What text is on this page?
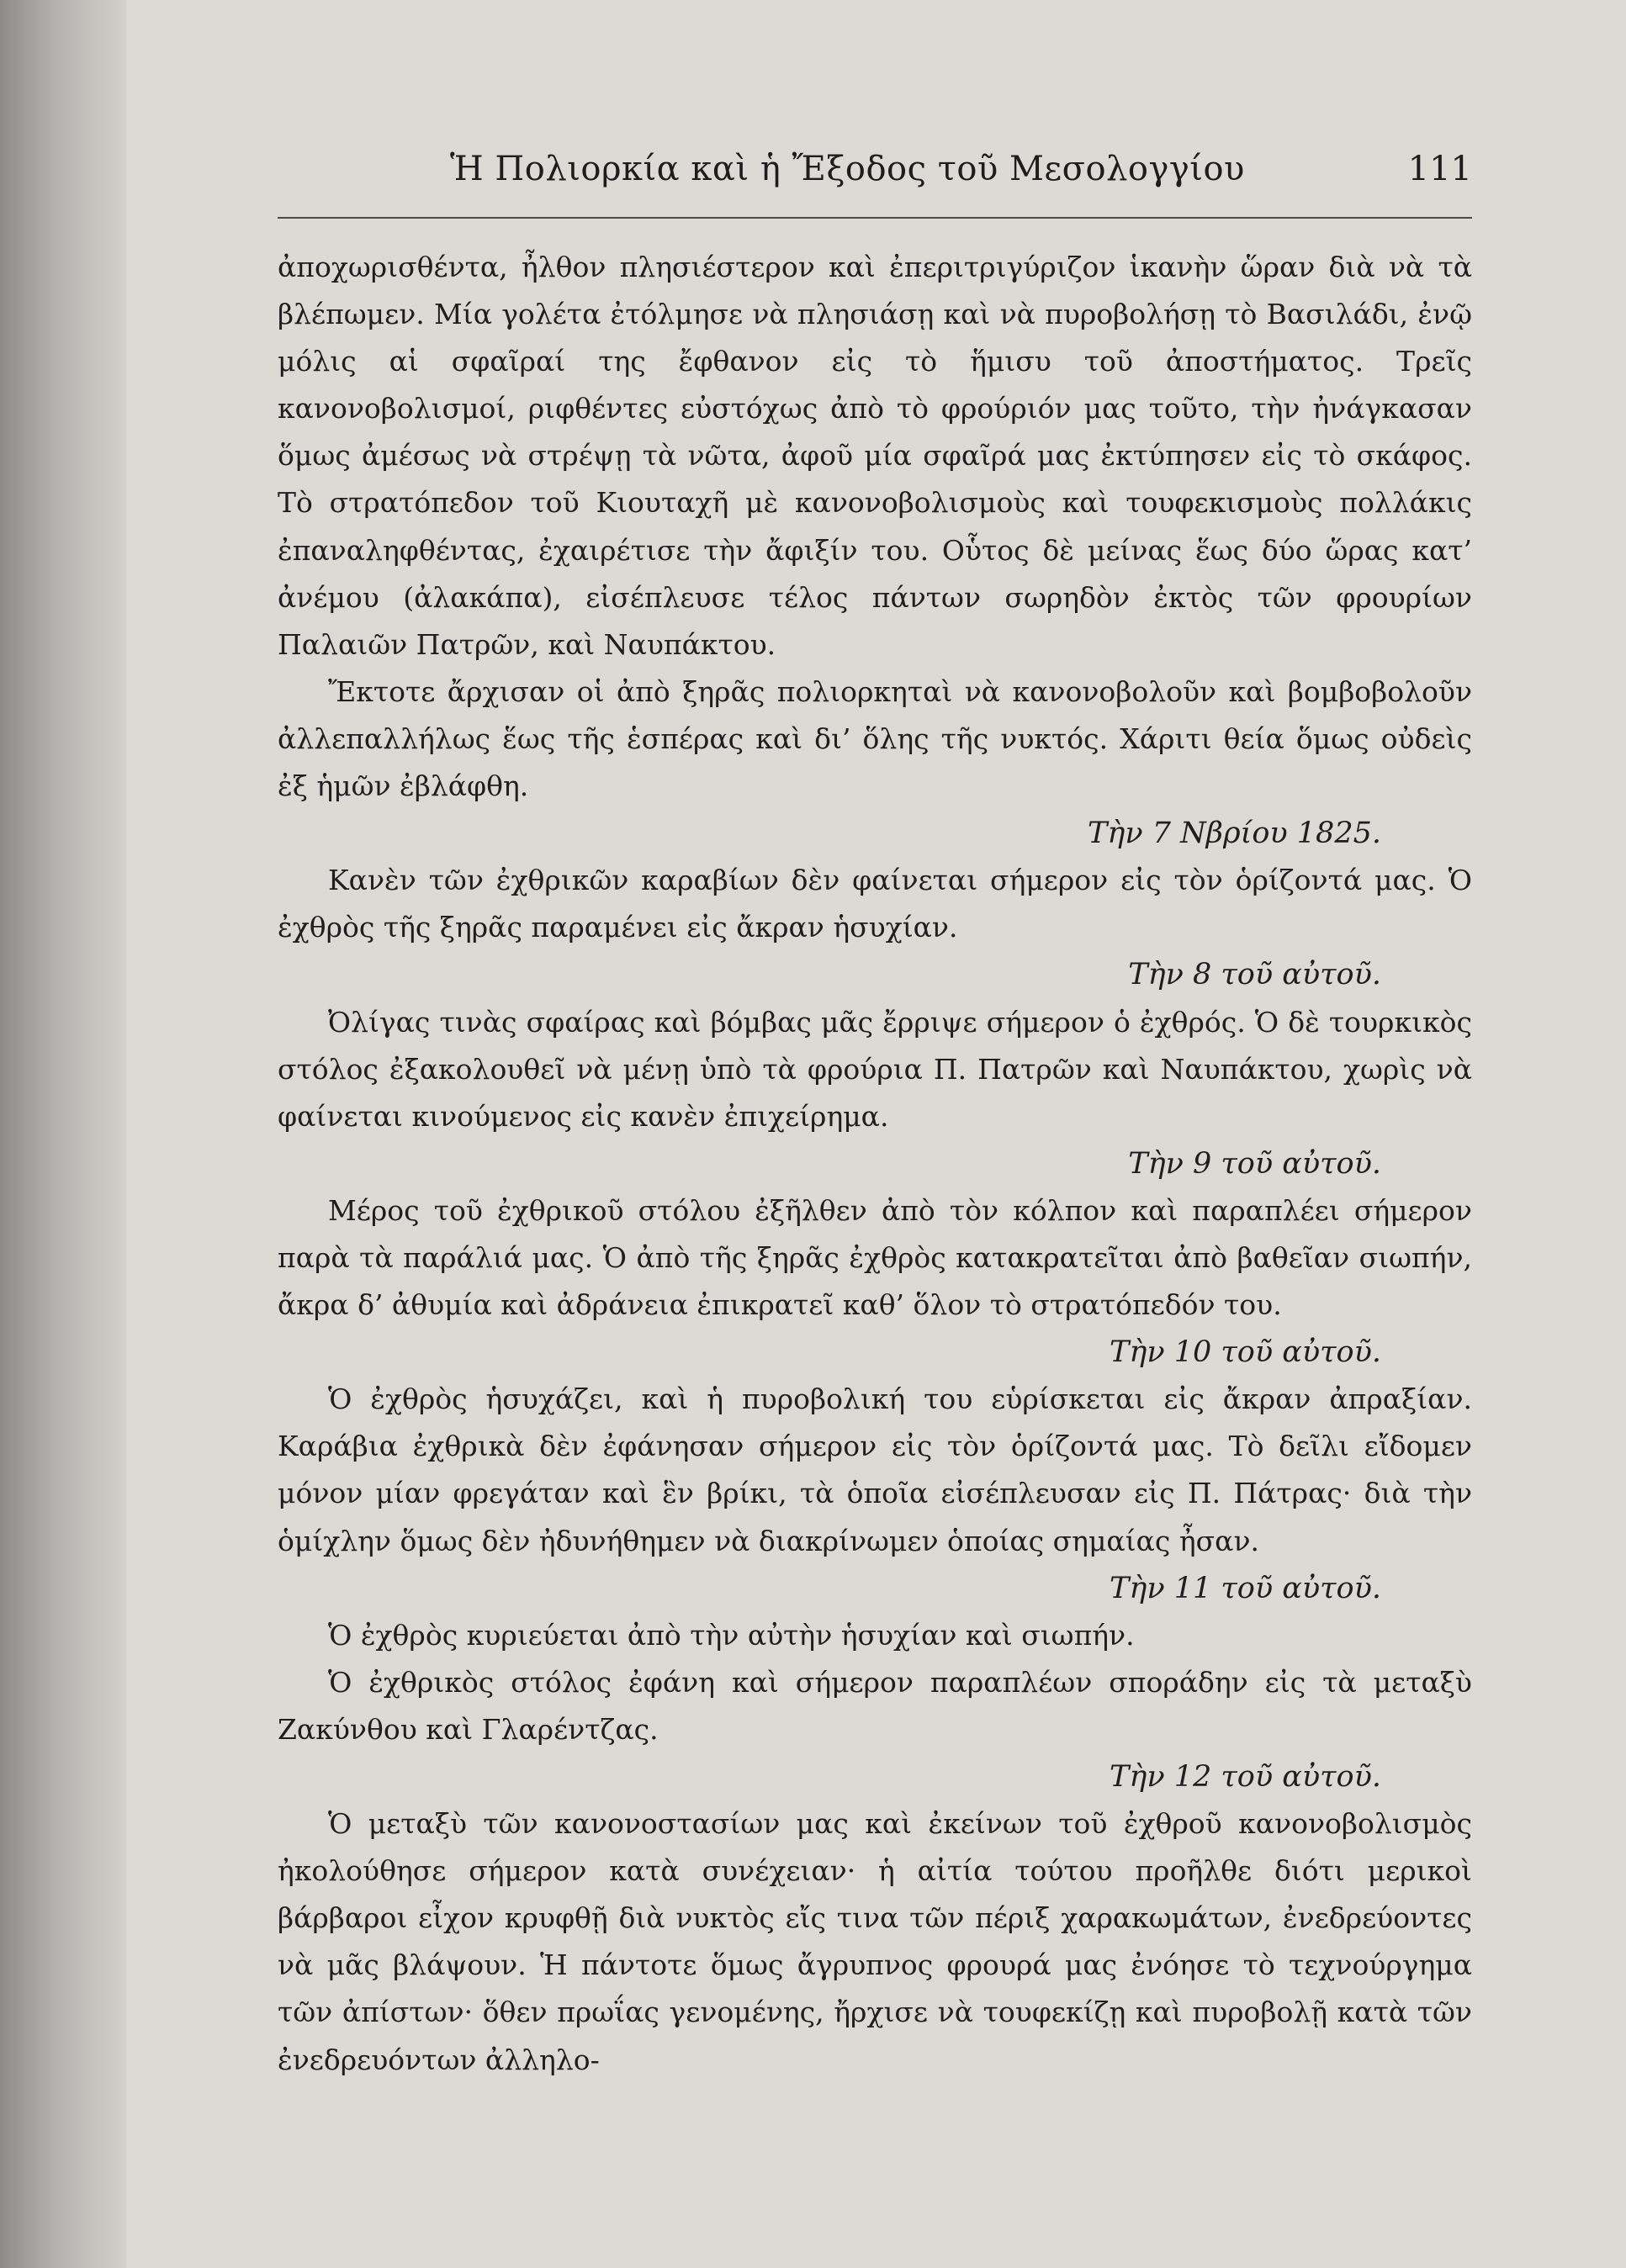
Ἡ Πολιορκία καὶ ἡ Ἔξοδος τοῦ Μεσολογγίου	111

ἀποχωρισθέντα, ἦλθον πλησιέστερον καὶ ἐπεριτριγύριζον ἱκανὴν ὥραν διὰ νὰ τὰ βλέπωμεν. Μία γολέτα ἐτόλμησε νὰ πλησιάσῃ καὶ νὰ πυροβολήσῃ τὸ Βασιλάδι, ἐνῷ μόλις αἱ σφαῖραί της ἔφθανον εἰς τὸ ἥμισυ τοῦ ἀποστήματος. Τρεῖς κανονοβολισμοί, ριφθέντες εὐστόχως ἀπὸ τὸ φρούριόν μας τοῦτο, τὴν ἠνάγκασαν ὅμως ἀμέσως νὰ στρέψῃ τὰ νῶτα, ἀφοῦ μία σφαῖρά μας ἐκτύπησεν εἰς τὸ σκάφος. Τὸ στρατόπεδον τοῦ Κιουταχῆ μὲ κανονοβολισμοὺς καὶ τουφεκισμοὺς πολλάκις ἐπαναληφθέντας, ἐχαιρέτισε τὴν ἄφιξίν του. Οὗτος δὲ μείνας ἕως δύο ὥρας κατ’ ἀνέμου (ἀλακάπα), εἰσέπλευσε τέλος πάντων σωρηδὸν ἐκτὸς τῶν φρουρίων Παλαιῶν Πατρῶν, καὶ Ναυπάκτου.

Ἔκτοτε ἄρχισαν οἱ ἀπὸ ξηρᾶς πολιορκηταὶ νὰ κανονοβολοῦν καὶ βομβοβολοῦν ἀλλεπαλλήλως ἕως τῆς ἑσπέρας καὶ δι’ ὅλης τῆς νυκτός. Χάριτι θεία ὅμως οὐδεὶς ἐξ ἡμῶν ἐβλάφθη.

Τὴν 7 Νβρίου 1825.

Κανὲν τῶν ἐχθρικῶν καραβίων δὲν φαίνεται σήμερον εἰς τὸν ὁρίζοντά μας. Ὁ ἐχθρὸς τῆς ξηρᾶς παραμένει εἰς ἄκραν ἡσυχίαν.

Τὴν 8 τοῦ αὐτοῦ.

Ὀλίγας τινὰς σφαίρας καὶ βόμβας μᾶς ἔρριψε σήμερον ὁ ἐχθρός. Ὁ δὲ τουρκικὸς στόλος ἐξακολουθεῖ νὰ μένῃ ὑπὸ τὰ φρούρια Π. Πατρῶν καὶ Ναυπάκτου, χωρὶς νὰ φαίνεται κινούμενος εἰς κανὲν ἐπιχείρημα.

Τὴν 9 τοῦ αὐτοῦ.

Μέρος τοῦ ἐχθρικοῦ στόλου ἐξῆλθεν ἀπὸ τὸν κόλπον καὶ παραπλέει σήμερον παρὰ τὰ παράλιά μας. Ὁ ἀπὸ τῆς ξηρᾶς ἐχθρὸς κατακρατεῖται ἀπὸ βαθεῖαν σιωπήν, ἄκρα δ’ ἀθυμία καὶ ἀδράνεια ἐπικρατεῖ καθ’ ὅλον τὸ στρατόπεδόν του.

Τὴν 10 τοῦ αὐτοῦ.

Ὁ ἐχθρὸς ἡσυχάζει, καὶ ἡ πυροβολική του εὑρίσκεται εἰς ἄκραν ἀπραξίαν. Καράβια ἐχθρικὰ δὲν ἐφάνησαν σήμερον εἰς τὸν ὁρίζοντά μας. Τὸ δεῖλι εἴδομεν μόνον μίαν φρεγάταν καὶ ἓν βρίκι, τὰ ὁποῖα εἰσέπλευσαν εἰς Π. Πάτρας· διὰ τὴν ὁμίχλην ὅμως δὲν ἠδυνήθημεν νὰ διακρίνωμεν ὁποίας σημαίας ἦσαν.

Τὴν 11 τοῦ αὐτοῦ.

Ὁ ἐχθρὸς κυριεύεται ἀπὸ τὴν αὐτὴν ἡσυχίαν καὶ σιωπήν.

Ὁ ἐχθρικὸς στόλος ἐφάνη καὶ σήμερον παραπλέων σποράδην εἰς τὰ μεταξὺ Ζακύνθου καὶ Γλαρέντζας.

Τὴν 12 τοῦ αὐτοῦ.

Ὁ μεταξὺ τῶν κανονοστασίων μας καὶ ἐκείνων τοῦ ἐχθροῦ κανονοβολισμὸς ἠκολούθησε σήμερον κατὰ συνέχειαν· ἡ αἰτία τούτου προῆλθε διότι μερικοὶ βάρβαροι εἶχον κρυφθῇ διὰ νυκτὸς εἴς τινα τῶν πέριξ χαρακωμάτων, ἐνεδρεύοντες νὰ μᾶς βλάψουν. Ἡ πάντοτε ὅμως ἄγρυπνος φρουρά μας ἐνόησε τὸ τεχνούργημα τῶν ἀπίστων· ὅθεν πρωΐας γενομένης, ἤρχισε νὰ τουφεκίζῃ καὶ πυροβολῇ κατὰ τῶν ἐνεδρευόντων ἀλληλο-
